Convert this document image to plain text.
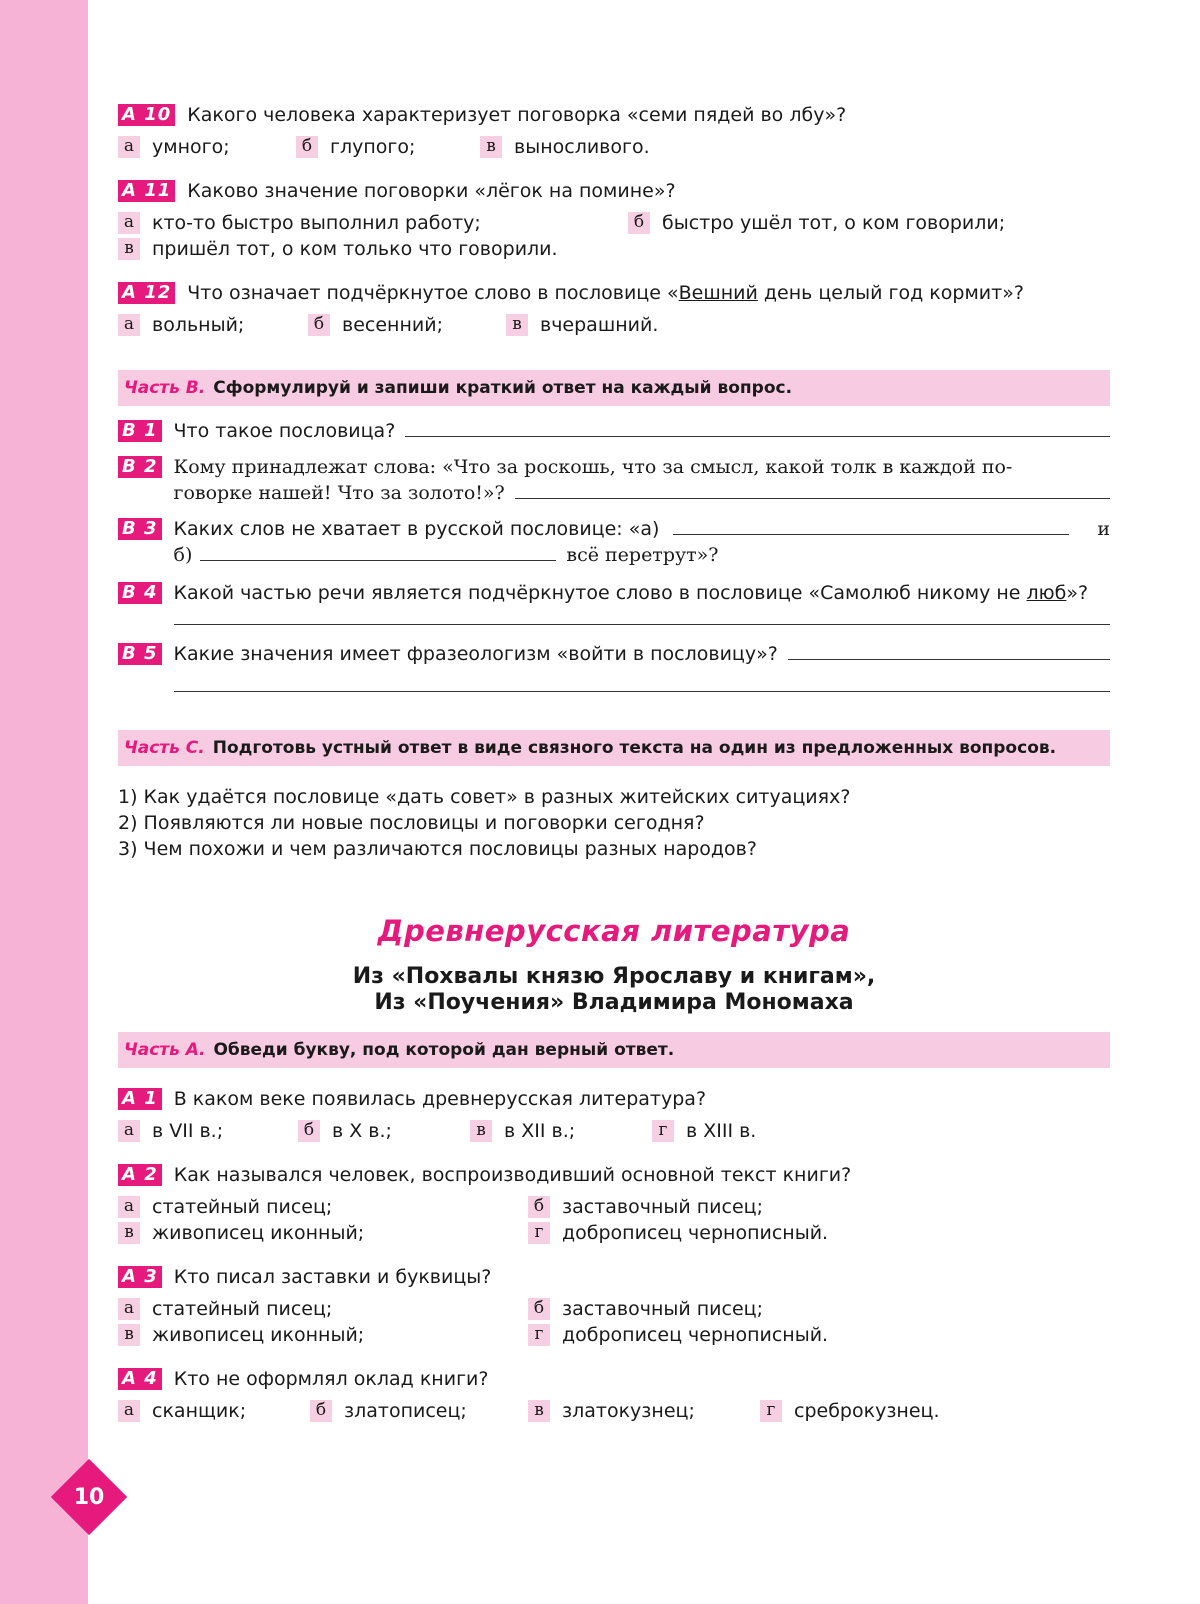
10
А 10 Какого человека характеризует поговорка «семи пядей во лбу»?
а умного;	б глупого;	в выносливого.
А 11 Каково значение поговорки «лёгок на помине»?
а кто-то быстро выполнил работу;	б быстро ушёл тот, о ком говорили;
в пришёл тот, о ком только что говорили.
А 12 Что означает подчёркнутое слово в пословице «Вешний день целый год кормит»?
а вольный;	б весенний;	в вчерашний.
Часть В. Сформулируй и запиши краткий ответ на каждый вопрос.
В 1 Что такое пословица?
В 2 Кому принадлежат слова: «Что за роскошь, что за смысл, какой толк в каждой по-
говорке нашей! Что за золото!»?
В 3 Каких слов не хватает в русской пословице: «а)	и
б)	всё перетрут»?
В 4 Какой частью речи является подчёркнутое слово в пословице «Самолюб никому не люб»?
В 5 Какие значения имеет фразеологизм «войти в пословицу»?
Часть С. Подготовь устный ответ в виде связного текста на один из предложенных вопросов.
1) Как удаётся пословице «дать совет» в разных житейских ситуациях?
2) Появляются ли новые пословицы и поговорки сегодня?
3) Чем похожи и чем различаются пословицы разных народов?
Древнерусская литература
Из «Похвалы князю Ярославу и книгам»,
Из «Поучения» Владимира Мономаха
Часть А. Обведи букву, под которой дан верный ответ.
А 1 В каком веке появилась древнерусская литература?
а в VII в.;	б в X в.;	в в XII в.;	г в XIII в.
А 2 Как назывался человек, воспроизводивший основной текст книги?
а статейный писец;	б заставочный писец;
в живописец иконный;	г доброписец чернописный.
А 3 Кто писал заставки и буквицы?
а статейный писец;	б заставочный писец;
в живописец иконный;	г доброписец чернописный.
А 4 Кто не оформлял оклад книги?
а сканщик;	б златописец;	в златокузнец;	г среброкузнец.
